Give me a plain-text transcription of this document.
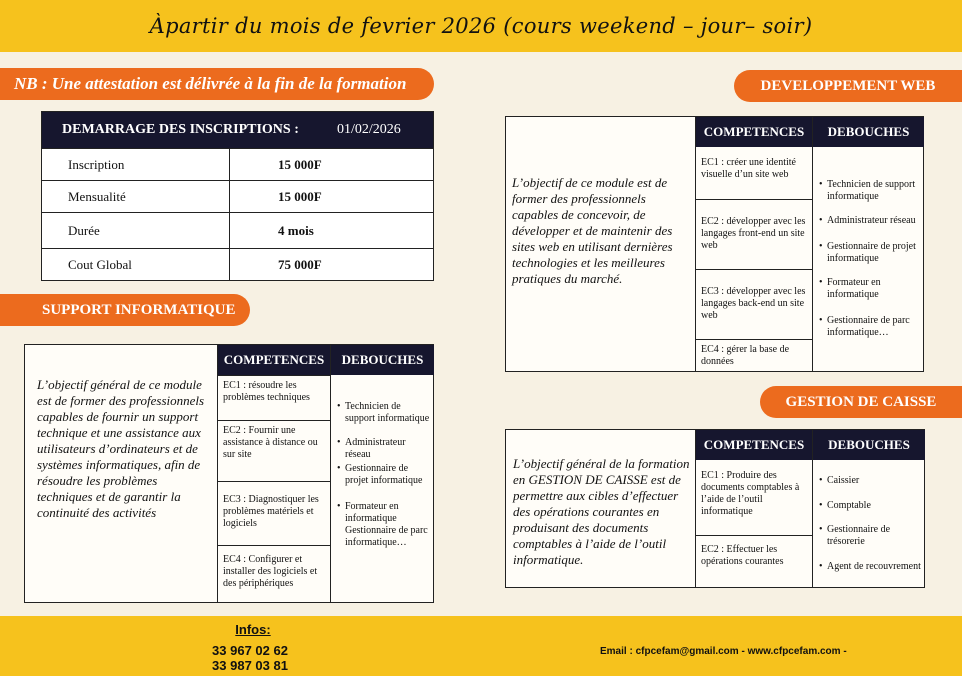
Àpartir du mois de fevrier 2026 (cours weekend – jour– soir)
NB : Une attestation est délivrée à la fin de la formation
DEMARRAGE DES INSCRIPTIONS :	01/02/2026
Inscription	15 000F
Mensualité	15 000F
Durée	4 mois
Cout Global	75 000F
SUPPORT INFORMATIQUE
L’objectif général de ce module est de former des professionnels capables de fournir un support technique et une assistance aux utilisateurs d’ordinateurs et de systèmes informatiques, afin de résoudre les problèmes techniques et de garantir la continuité des activités
COMPETENCES
EC1 : résoudre les problèmes techniques
EC2 : Fournir une assistance à distance ou sur site
EC3 : Diagnostiquer les problèmes matériels et logiciels
EC4 : Configurer et installer des logiciels et des périphériques
DEBOUCHES
• Technicien de support informatique
• Administrateur réseau
• Gestionnaire de projet informatique
• Formateur en informatique Gestionnaire de parc informatique…
DEVELOPPEMENT WEB
L’objectif de ce module est de former des professionnels capables de concevoir, de développer et de maintenir des sites web en utilisant dernières technologies et les meilleures pratiques du marché.
COMPETENCES
EC1 : créer une identité visuelle d’un site web
EC2 : développer avec les langages front-end un site web
EC3 : développer avec les langages back-end un site web
EC4 : gérer la base de données
DEBOUCHES
• Technicien de support informatique
• Administrateur réseau
• Gestionnaire de projet informatique
• Formateur en informatique
• Gestionnaire de parc informatique…
GESTION DE CAISSE
L’objectif général de la formation en GESTION DE CAISSE est de permettre aux cibles d’effectuer des opérations courantes en produisant des documents comptables à l’aide de l’outil informatique.
COMPETENCES
EC1 : Produire des documents comptables à l’aide de l’outil informatique
EC2 : Effectuer les opérations courantes
DEBOUCHES
• Caissier
• Comptable
• Gestionnaire de trésorerie
• Agent de recouvrement
Infos:
33 967 02 62
33 987 03 81
Email : cfpcefam@gmail.com - www.cfpcefam.com -
